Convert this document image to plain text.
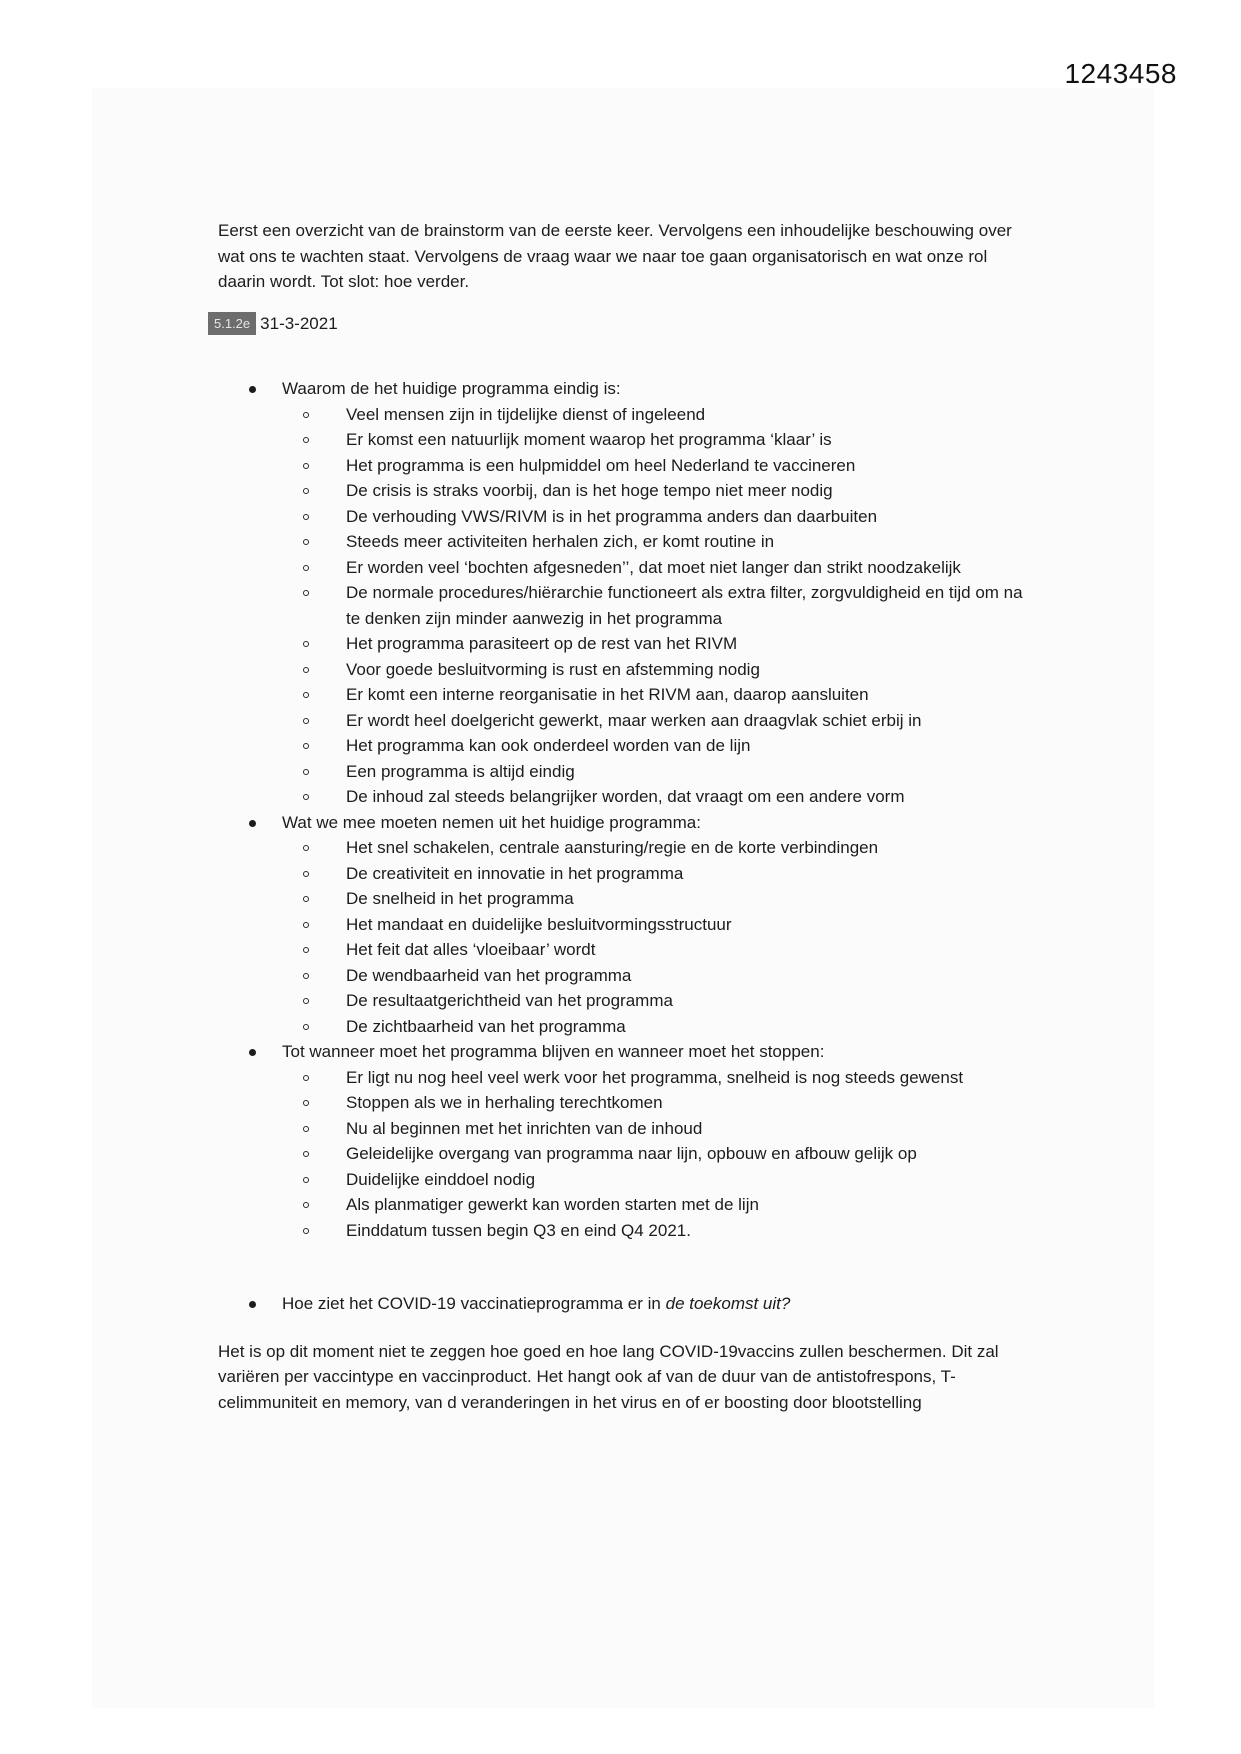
1243458

Eerst een overzicht van de brainstorm van de eerste keer. Vervolgens een inhoudelijke beschouwing over wat ons te wachten staat. Vervolgens de vraag waar we naar toe gaan organisatorisch en wat onze rol daarin wordt. Tot slot: hoe verder.

5.1.2e 31-3-2021
Waarom de het huidige programma eindig is:
Veel mensen zijn in tijdelijke dienst of ingeleend
Er komst een natuurlijk moment waarop het programma ‘klaar’ is
Het programma is een hulpmiddel om heel Nederland te vaccineren
De crisis is straks voorbij, dan is het hoge tempo niet meer nodig
De verhouding VWS/RIVM is in het programma anders dan daarbuiten
Steeds meer activiteiten herhalen zich, er komt routine in
Er worden veel ‘bochten afgesneden’’, dat moet niet langer dan strikt noodzakelijk
De normale procedures/hiërarchie functioneert als extra filter, zorgvuldigheid en tijd om na te denken zijn minder aanwezig in het programma
Het programma parasiteert op de rest van het RIVM
Voor goede besluitvorming is rust en afstemming nodig
Er komt een interne reorganisatie in het RIVM aan, daarop aansluiten
Er wordt heel doelgericht gewerkt, maar werken aan draagvlak schiet erbij in
Het programma kan ook onderdeel worden van de lijn
Een programma is altijd eindig
De inhoud zal steeds belangrijker worden, dat vraagt om een andere vorm
Wat we mee moeten nemen uit het huidige programma:
Het snel schakelen, centrale aansturing/regie en de korte verbindingen
De creativiteit en innovatie in het programma
De snelheid in het programma
Het mandaat en duidelijke besluitvormingsstructuur
Het feit dat alles ‘vloeibaar’ wordt
De wendbaarheid van het programma
De resultaatgerichtheid van het programma
De zichtbaarheid van het programma
Tot wanneer moet het programma blijven en wanneer moet het stoppen:
Er ligt nu nog heel veel werk voor het programma, snelheid is nog steeds gewenst
Stoppen als we in herhaling terechtkomen
Nu al beginnen met het inrichten van de inhoud
Geleidelijke overgang van programma naar lijn, opbouw en afbouw gelijk op
Duidelijke einddoel nodig
Als planmatiger gewerkt kan worden starten met de lijn
Einddatum tussen begin Q3 en eind Q4 2021.
Hoe ziet het COVID-19 vaccinatieprogramma er in de toekomst uit?

Het is op dit moment niet te zeggen hoe goed en hoe lang COVID-19vaccins zullen beschermen. Dit zal variëren per vaccintype en vaccinproduct. Het hangt ook af van de duur van de antistofrespons, T-celimmuniteit en memory, van d veranderingen in het virus en of er boosting door blootstelling
